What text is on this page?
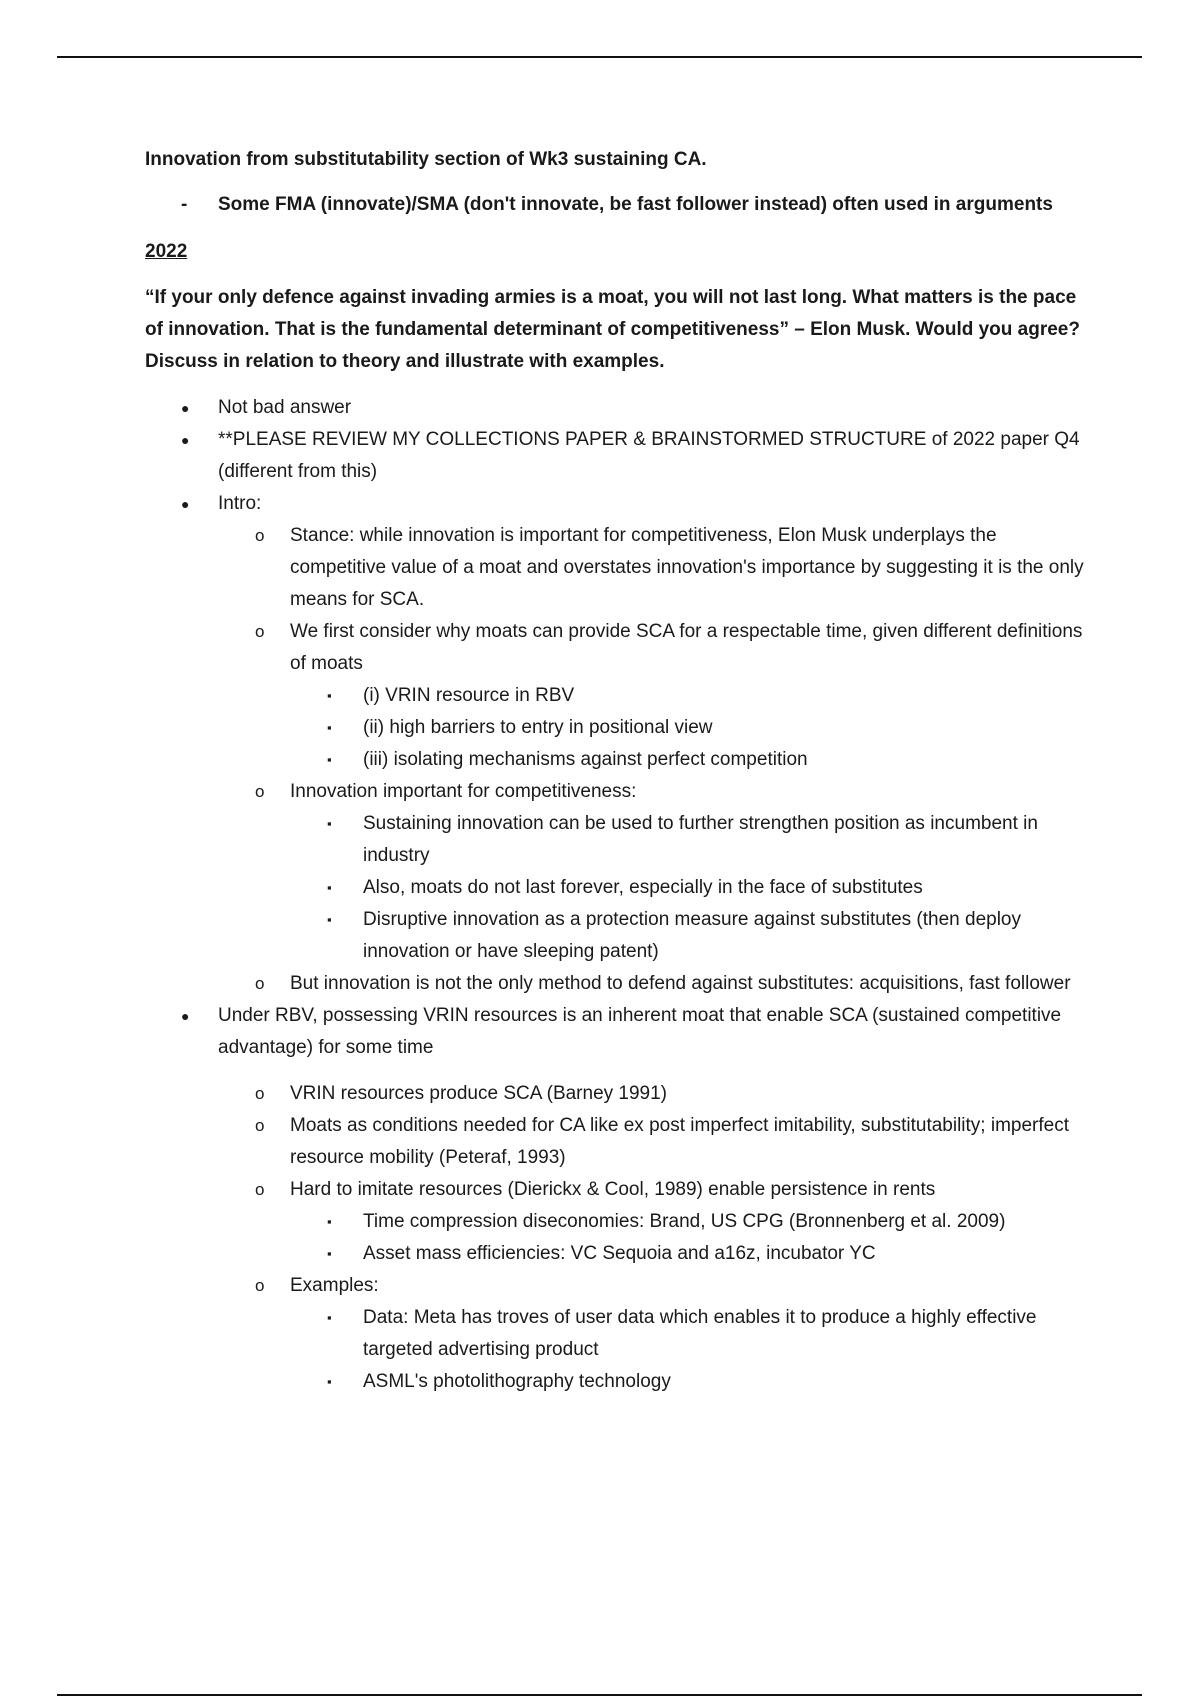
Innovation from substitutability section of Wk3 sustaining CA.

- Some FMA (innovate)/SMA (don't innovate, be fast follower instead) often used in arguments

2022

“If your only defence against invading armies is a moat, you will not last long. What matters is the pace of innovation. That is the fundamental determinant of competitiveness” – Elon Musk. Would you agree? Discuss in relation to theory and illustrate with examples.

● Not bad answer
● **PLEASE REVIEW MY COLLECTIONS PAPER & BRAINSTORMED STRUCTURE of 2022 paper Q4 (different from this)
● Intro:
o Stance: while innovation is important for competitiveness, Elon Musk underplays the competitive value of a moat and overstates innovation's importance by suggesting it is the only means for SCA.
o We first consider why moats can provide SCA for a respectable time, given different definitions of moats
▪ (i) VRIN resource in RBV
▪ (ii) high barriers to entry in positional view
▪ (iii) isolating mechanisms against perfect competition
o Innovation important for competitiveness:
▪ Sustaining innovation can be used to further strengthen position as incumbent in industry
▪ Also, moats do not last forever, especially in the face of substitutes
▪ Disruptive innovation as a protection measure against substitutes (then deploy innovation or have sleeping patent)
o But innovation is not the only method to defend against substitutes: acquisitions, fast follower
● Under RBV, possessing VRIN resources is an inherent moat that enable SCA (sustained competitive advantage) for some time
o VRIN resources produce SCA (Barney 1991)
o Moats as conditions needed for CA like ex post imperfect imitability, substitutability; imperfect resource mobility (Peteraf, 1993)
o Hard to imitate resources (Dierickx & Cool, 1989) enable persistence in rents
▪ Time compression diseconomies: Brand, US CPG (Bronnenberg et al. 2009)
▪ Asset mass efficiencies: VC Sequoia and a16z, incubator YC
o Examples:
▪ Data: Meta has troves of user data which enables it to produce a highly effective targeted advertising product
▪ ASML's photolithography technology
